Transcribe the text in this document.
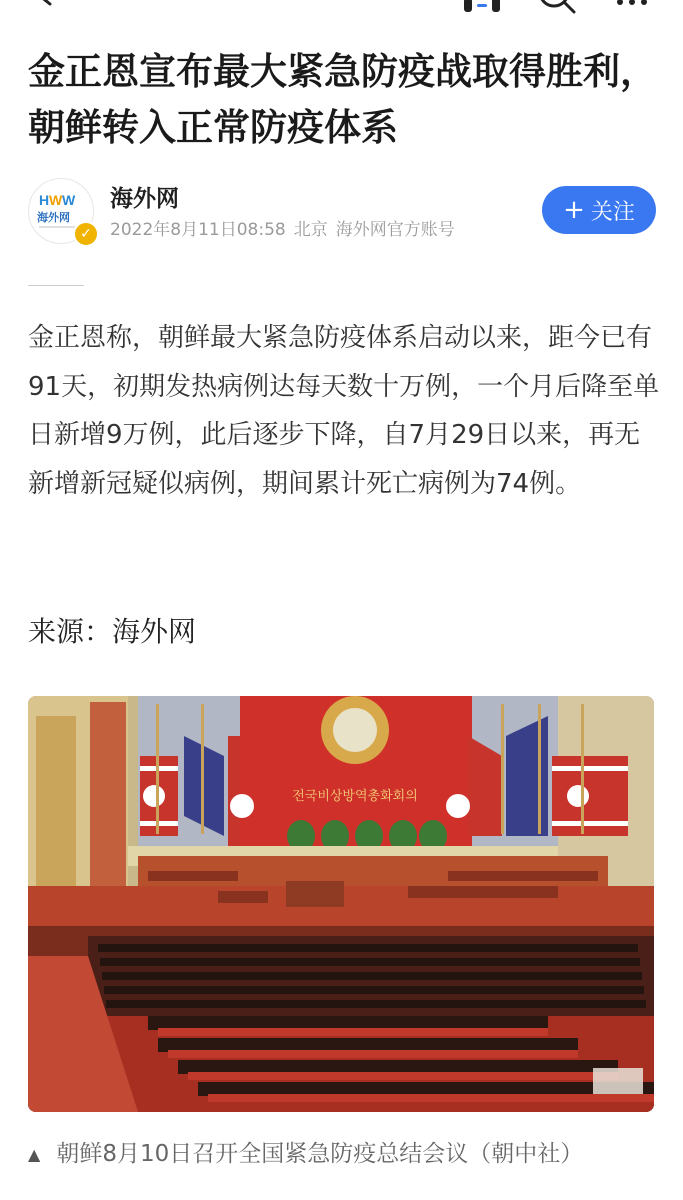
金正恩宣布最大紧急防疫战取得胜利，朝鲜转入正常防疫体系
H W W
海外网
✓
海外网
2022年8月11日08:58 北京 海外网官方账号
+ 关注

金正恩称，朝鲜最大紧急防疫体系启动以来，距今已有91天，初期发热病例达每天数十万例，一个月后降至单日新增9万例，此后逐步下降，自7月29日以来，再无新增新冠疑似病例，期间累计死亡病例为74例。

来源：海外网
전국비상방역총화회의
▲ 朝鲜8月10日召开全国紧急防疫总结会议（朝中社）
